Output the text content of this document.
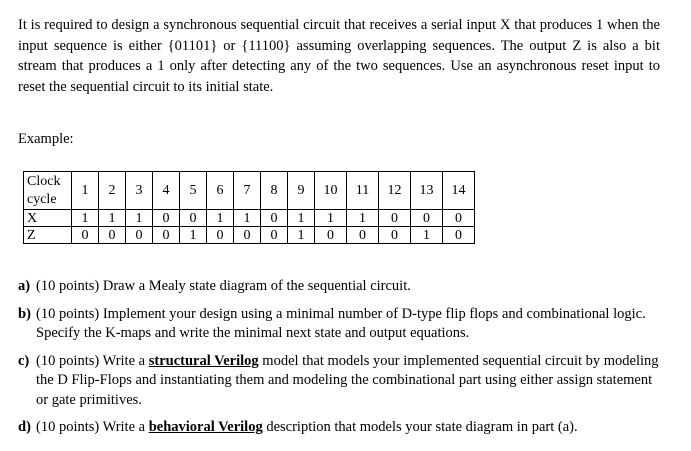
It is required to design a synchronous sequential circuit that receives a serial input X that produces 1 when the input sequence is either {01101} or {11100} assuming overlapping sequences. The output Z is also a bit stream that produces a 1 only after detecting any of the two sequences. Use an asynchronous reset input to reset the sequential circuit to its initial state.

Example:

Clock
cycle	1	2	3	4	5	6	7	8	9	10	11	12	13	14
X	1	1	1	0	0	1	1	0	1	1	1	0	0	0
Z	0	0	0	0	1	0	0	0	1	0	0	0	1	0

a) (10 points) Draw a Mealy state diagram of the sequential circuit.

b) (10 points) Implement your design using a minimal number of D-type flip flops and combinational logic. Specify the K-maps and write the minimal next state and output equations.

c) (10 points) Write a structural Verilog model that models your implemented sequential circuit by modeling the D Flip-Flops and instantiating them and modeling the combinational part using either assign statement or gate primitives.

d) (10 points) Write a behavioral Verilog description that models your state diagram in part (a).
